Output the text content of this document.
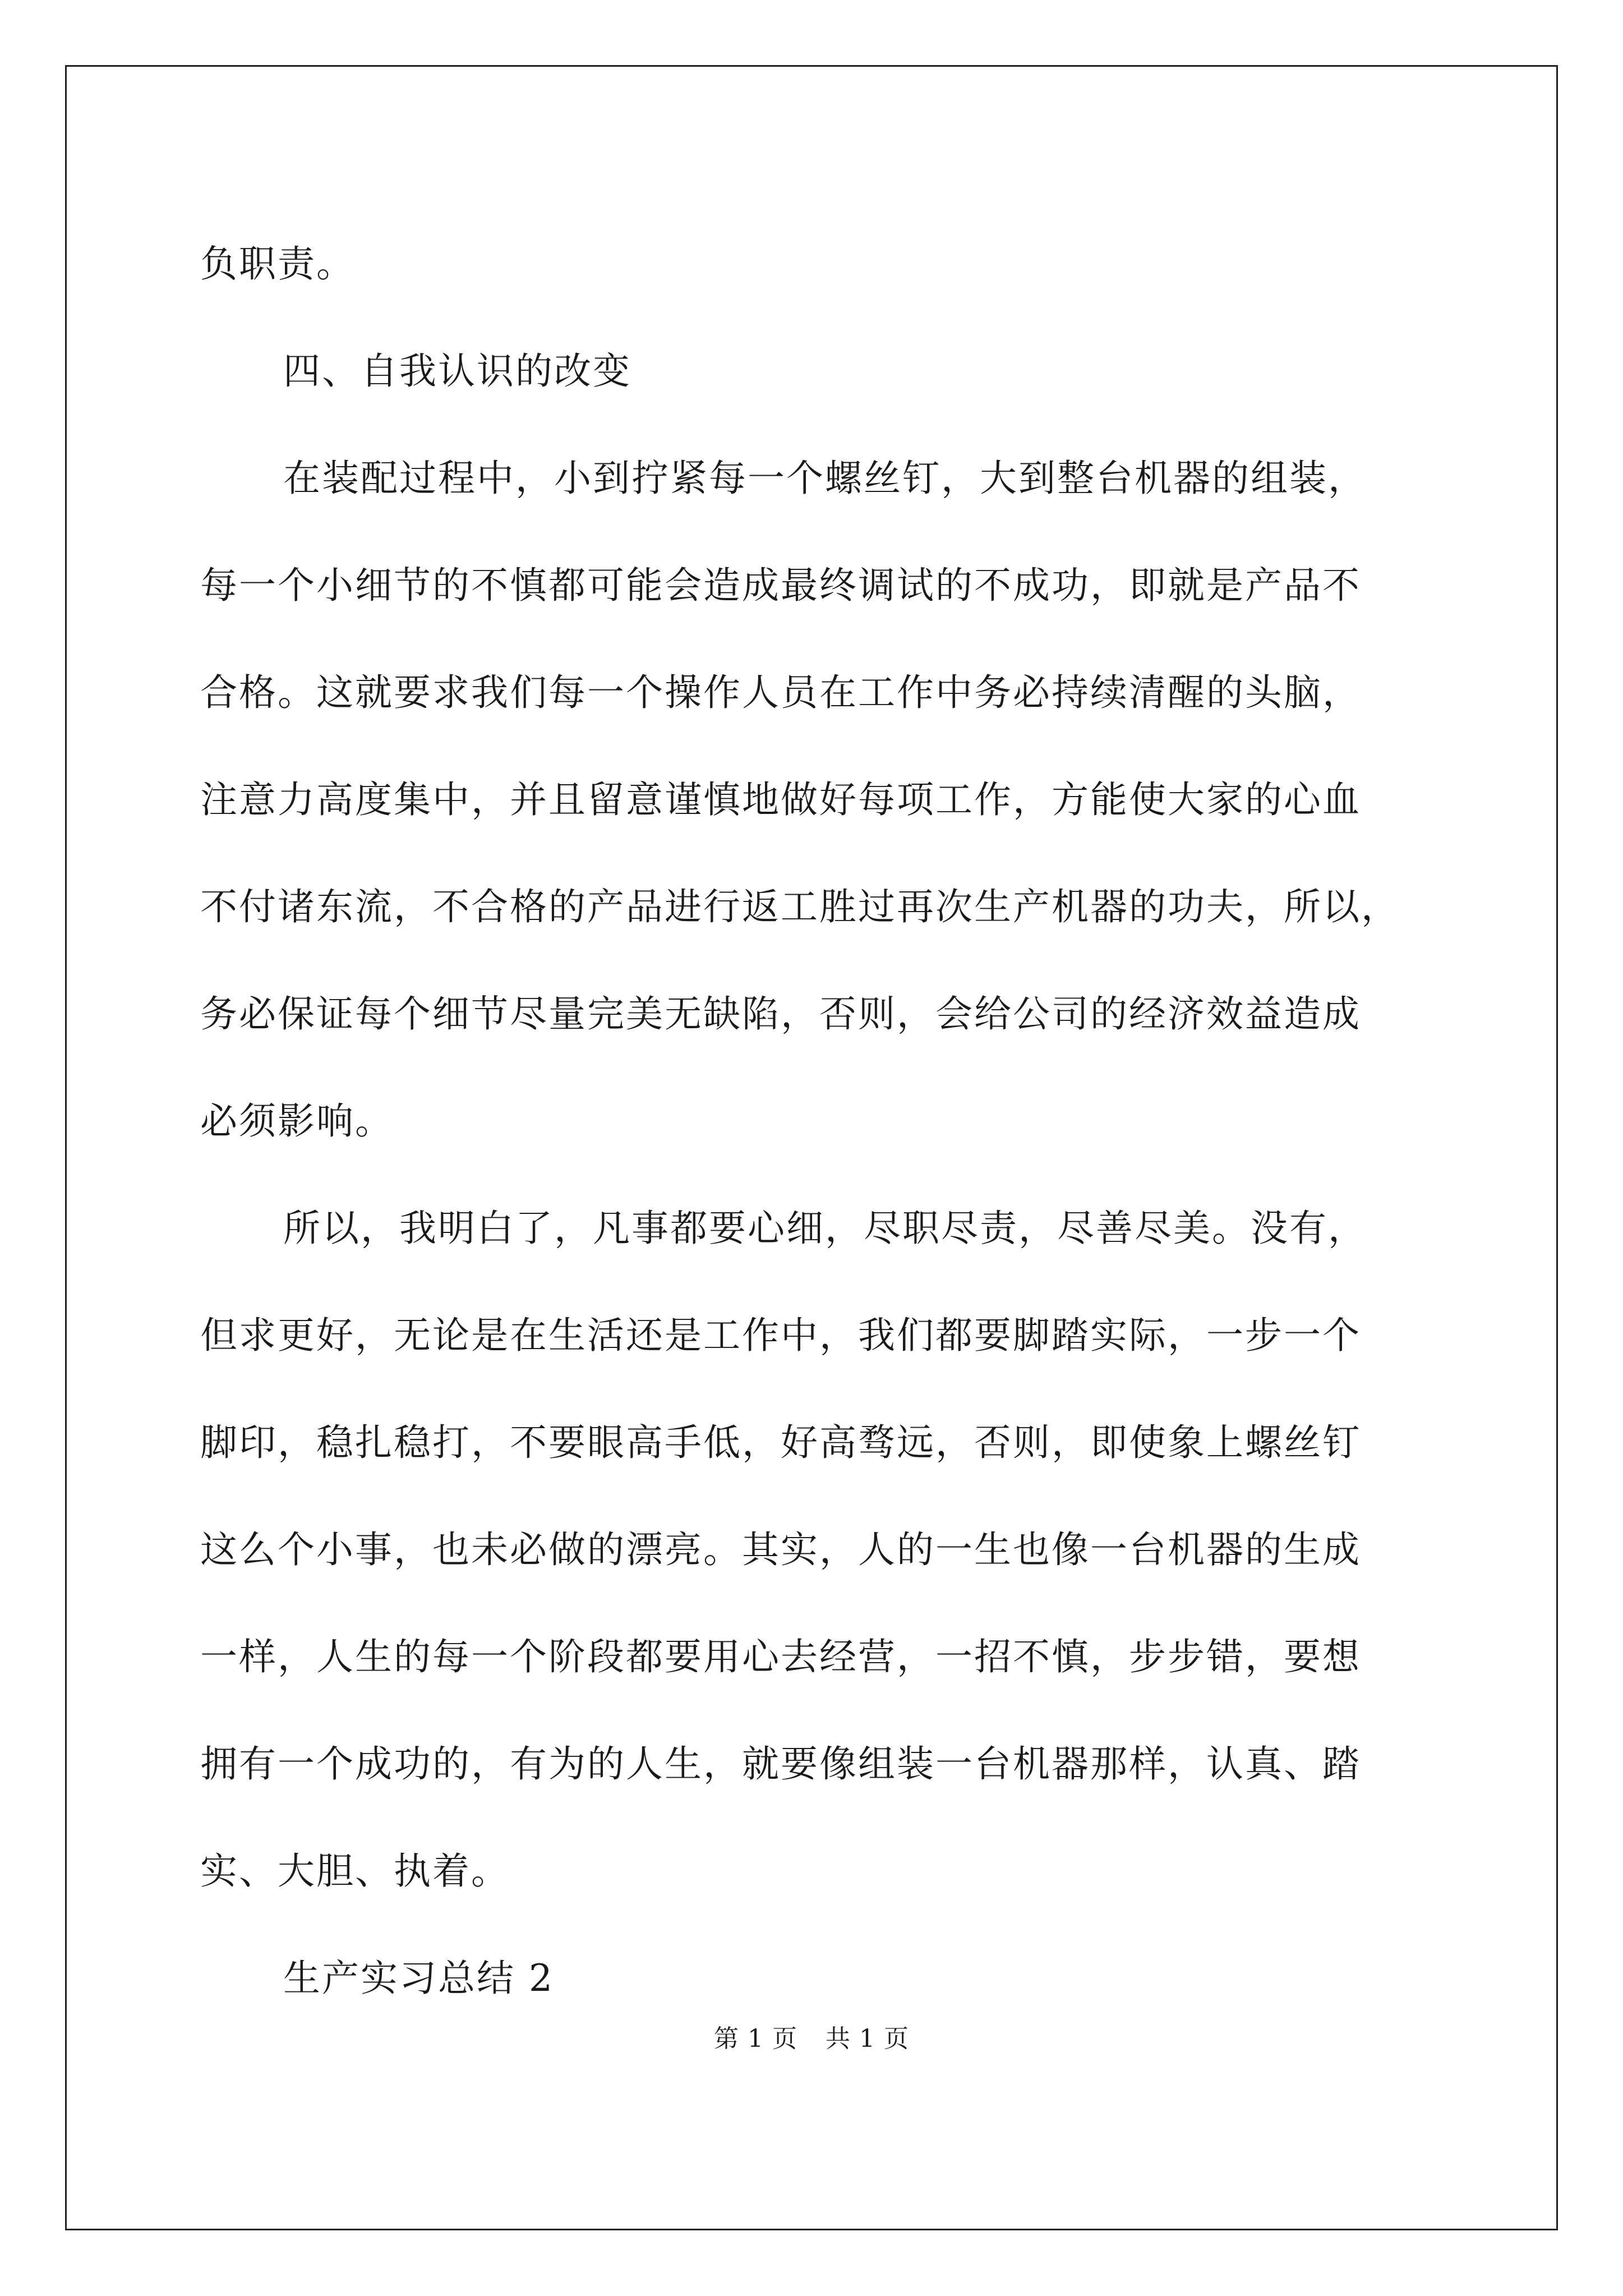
负职责。
四、自我认识的改变
在装配过程中，小到拧紧每一个螺丝钉，大到整台机器的组装，
每一个小细节的不慎都可能会造成最终调试的不成功，即就是产品不
合格。这就要求我们每一个操作人员在工作中务必持续清醒的头脑，
注意力高度集中，并且留意谨慎地做好每项工作，方能使大家的心血
不付诸东流，不合格的产品进行返工胜过再次生产机器的功夫，所以，
务必保证每个细节尽量完美无缺陷，否则，会给公司的经济效益造成
必须影响。
所以，我明白了，凡事都要心细，尽职尽责，尽善尽美。没有，
但求更好，无论是在生活还是工作中，我们都要脚踏实际，一步一个
脚印，稳扎稳打，不要眼高手低，好高骛远，否则，即使象上螺丝钉
这么个小事，也未必做的漂亮。其实，人的一生也像一台机器的生成
一样，人生的每一个阶段都要用心去经营，一招不慎，步步错，要想
拥有一个成功的，有为的人生，就要像组装一台机器那样，认真、踏
实、大胆、执着。
生产实习总结 2
第 1 页 共 1 页
